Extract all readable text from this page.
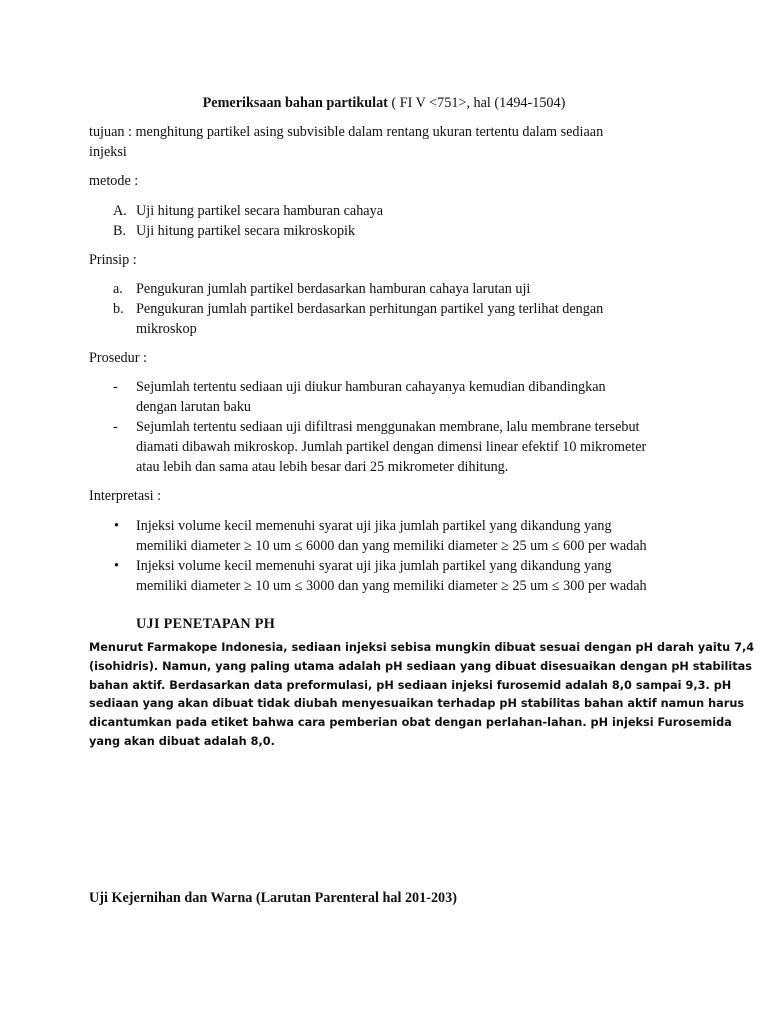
Pemeriksaan bahan partikulat ( FI V <751>, hal (1494-1504)
tujuan : menghitung partikel asing subvisible dalam rentang ukuran tertentu dalam sediaan
injeksi
metode :
A. Uji hitung partikel secara hamburan cahaya
B. Uji hitung partikel secara mikroskopik
Prinsip :
a. Pengukuran jumlah partikel berdasarkan hamburan cahaya larutan uji
b. Pengukuran jumlah partikel berdasarkan perhitungan partikel yang terlihat dengan
mikroskop
Prosedur :
- Sejumlah tertentu sediaan uji diukur hamburan cahayanya kemudian dibandingkan
dengan larutan baku
- Sejumlah tertentu sediaan uji difiltrasi menggunakan membrane, lalu membrane tersebut
diamati dibawah mikroskop. Jumlah partikel dengan dimensi linear efektif 10 mikrometer
atau lebih dan sama atau lebih besar dari 25 mikrometer dihitung.
Interpretasi :
• Injeksi volume kecil memenuhi syarat uji jika jumlah partikel yang dikandung yang
memiliki diameter ≥ 10 um ≤ 6000 dan yang memiliki diameter ≥ 25 um ≤ 600 per wadah
• Injeksi volume kecil memenuhi syarat uji jika jumlah partikel yang dikandung yang
memiliki diameter ≥ 10 um ≤ 3000 dan yang memiliki diameter ≥ 25 um ≤ 300 per wadah
UJI PENETAPAN PH
Menurut Farmakope Indonesia, sediaan injeksi sebisa mungkin dibuat sesuai dengan pH darah yaitu 7,4
(isohidris). Namun, yang paling utama adalah pH sediaan yang dibuat disesuaikan dengan pH stabilitas
bahan aktif. Berdasarkan data preformulasi, pH sediaan injeksi furosemid adalah 8,0 sampai 9,3. pH
sediaan yang akan dibuat tidak diubah menyesuaikan terhadap pH stabilitas bahan aktif namun harus
dicantumkan pada etiket bahwa cara pemberian obat dengan perlahan-lahan. pH injeksi Furosemida
yang akan dibuat adalah 8,0.
Uji Kejernihan dan Warna (Larutan Parenteral hal 201-203)
